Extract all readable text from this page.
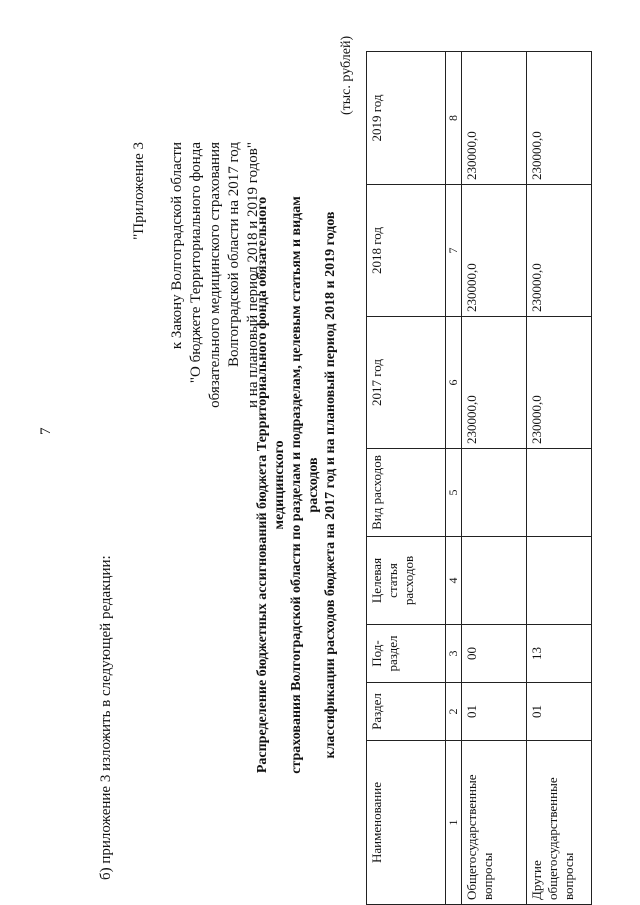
7
б) приложение 3 изложить в следующей редакции:
"Приложение 3 к Закону Волгоградской области "О бюджете Территориального фонда обязательного медицинского страхования Волгоградской области на 2017 год и на плановый период 2018 и 2019 годов"
Распределение бюджетных ассигнований бюджета Территориального фонда обязательного медицинского страхования Волгоградской области по разделам и подразделам, целевым статьям и видам расходов классификации расходов бюджета на 2017 год и на плановый период 2018 и 2019 годов
(тыс. рублей)
Наименование	Раздел	Под-раздел	Целевая статья расходов	Вид расходов	2017 год	2018 год	2019 год
1	2	3	4	5	6	7	8
Общегосударственные вопросы	01	00			230000,0	230000,0	230000,0
Другие общегосударственные вопросы	01	13			230000,0	230000,0	230000,0
